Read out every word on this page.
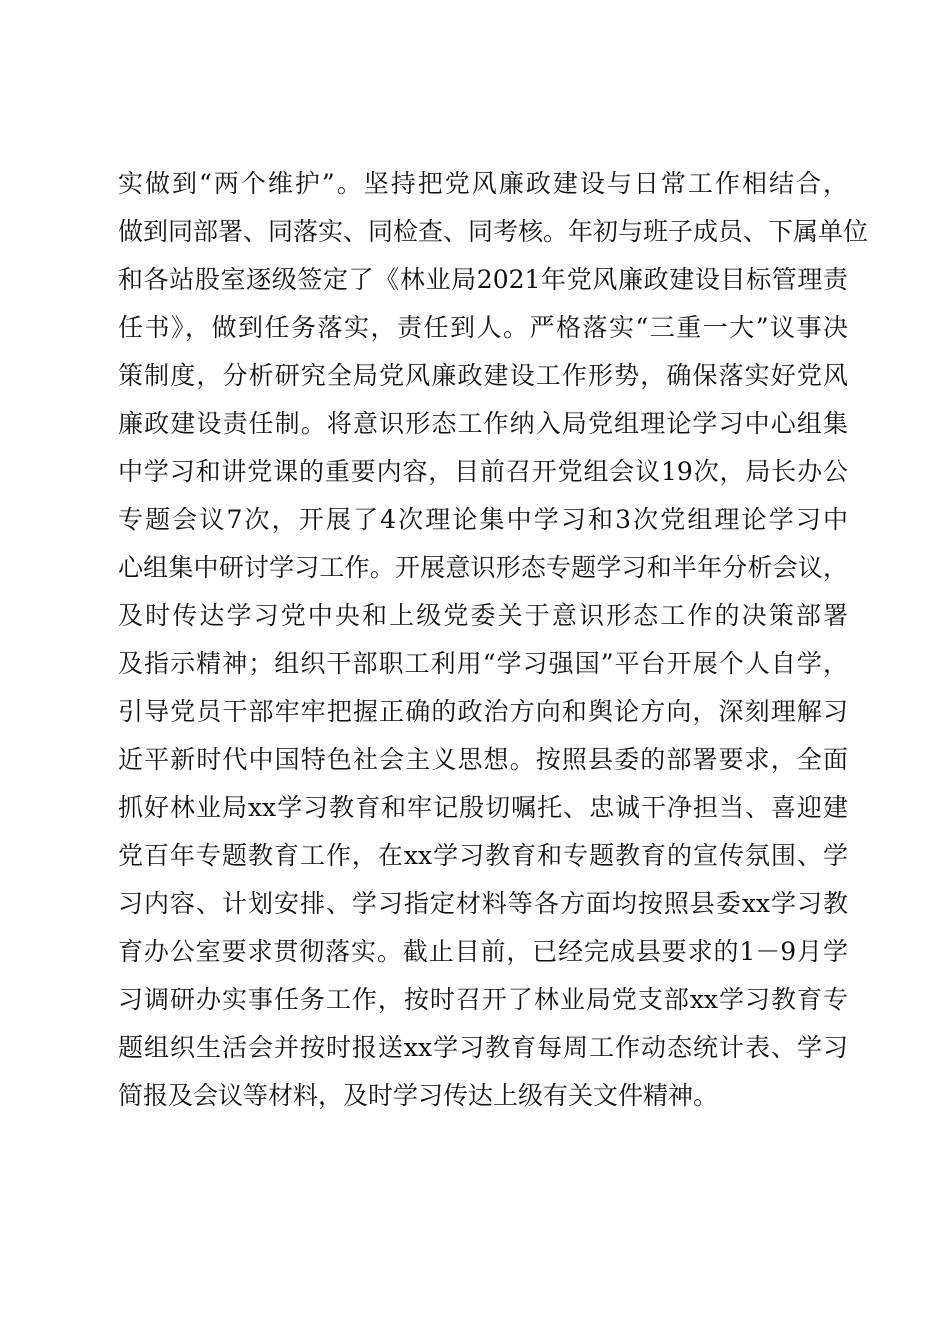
实做到“两个维护”。坚持把党风廉政建设与日常工作相结合，
做到同部署、同落实、同检查、同考核。年初与班子成员、下属单位
和各站股室逐级签定了《林业局2021年党风廉政建设目标管理责
任书》，做到任务落实，责任到人。严格落实“三重一大”议事决
策制度，分析研究全局党风廉政建设工作形势，确保落实好党风
廉政建设责任制。将意识形态工作纳入局党组理论学习中心组集
中学习和讲党课的重要内容，目前召开党组会议19次，局长办公
专题会议7次，开展了4次理论集中学习和3次党组理论学习中
心组集中研讨学习工作。开展意识形态专题学习和半年分析会议，
及时传达学习党中央和上级党委关于意识形态工作的决策部署
及指示精神；组织干部职工利用“学习强国”平台开展个人自学，
引导党员干部牢牢把握正确的政治方向和舆论方向，深刻理解习
近平新时代中国特色社会主义思想。按照县委的部署要求，全面
抓好林业局xx学习教育和牢记殷切嘱托、忠诚干净担当、喜迎建
党百年专题教育工作，在xx学习教育和专题教育的宣传氛围、学
习内容、计划安排、学习指定材料等各方面均按照县委xx学习教
育办公室要求贯彻落实。截止目前，已经完成县要求的1－9月学
习调研办实事任务工作，按时召开了林业局党支部xx学习教育专
题组织生活会并按时报送xx学习教育每周工作动态统计表、学习
简报及会议等材料，及时学习传达上级有关文件精神。
